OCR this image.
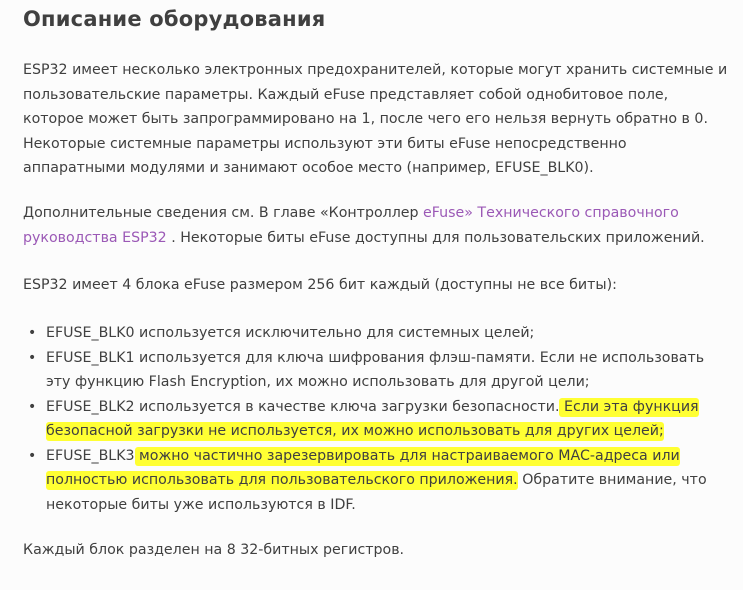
Описание оборудования

ESP32 имеет несколько электронных предохранителей, которые могут хранить системные и пользовательские параметры. Каждый eFuse представляет собой однобитовое поле, которое может быть запрограммировано на 1, после чего его нельзя вернуть обратно в 0. Некоторые системные параметры используют эти биты eFuse непосредственно аппаратными модулями и занимают особое место (например, EFUSE_BLK0).

Дополнительные сведения см. В главе «Контроллер eFuse» Технического справочного руководства ESP32 . Некоторые биты eFuse доступны для пользовательских приложений.

ESP32 имеет 4 блока eFuse размером 256 бит каждый (доступны не все биты):

• EFUSE_BLK0 используется исключительно для системных целей;
• EFUSE_BLK1 используется для ключа шифрования флэш-памяти. Если не использовать эту функцию Flash Encryption, их можно использовать для другой цели;
• EFUSE_BLK2 используется в качестве ключа загрузки безопасности. Если эта функция безопасной загрузки не используется, их можно использовать для других целей;
• EFUSE_BLK3 можно частично зарезервировать для настраиваемого MAC-адреса или полностью использовать для пользовательского приложения. Обратите внимание, что некоторые биты уже используются в IDF.

Каждый блок разделен на 8 32-битных регистров.
